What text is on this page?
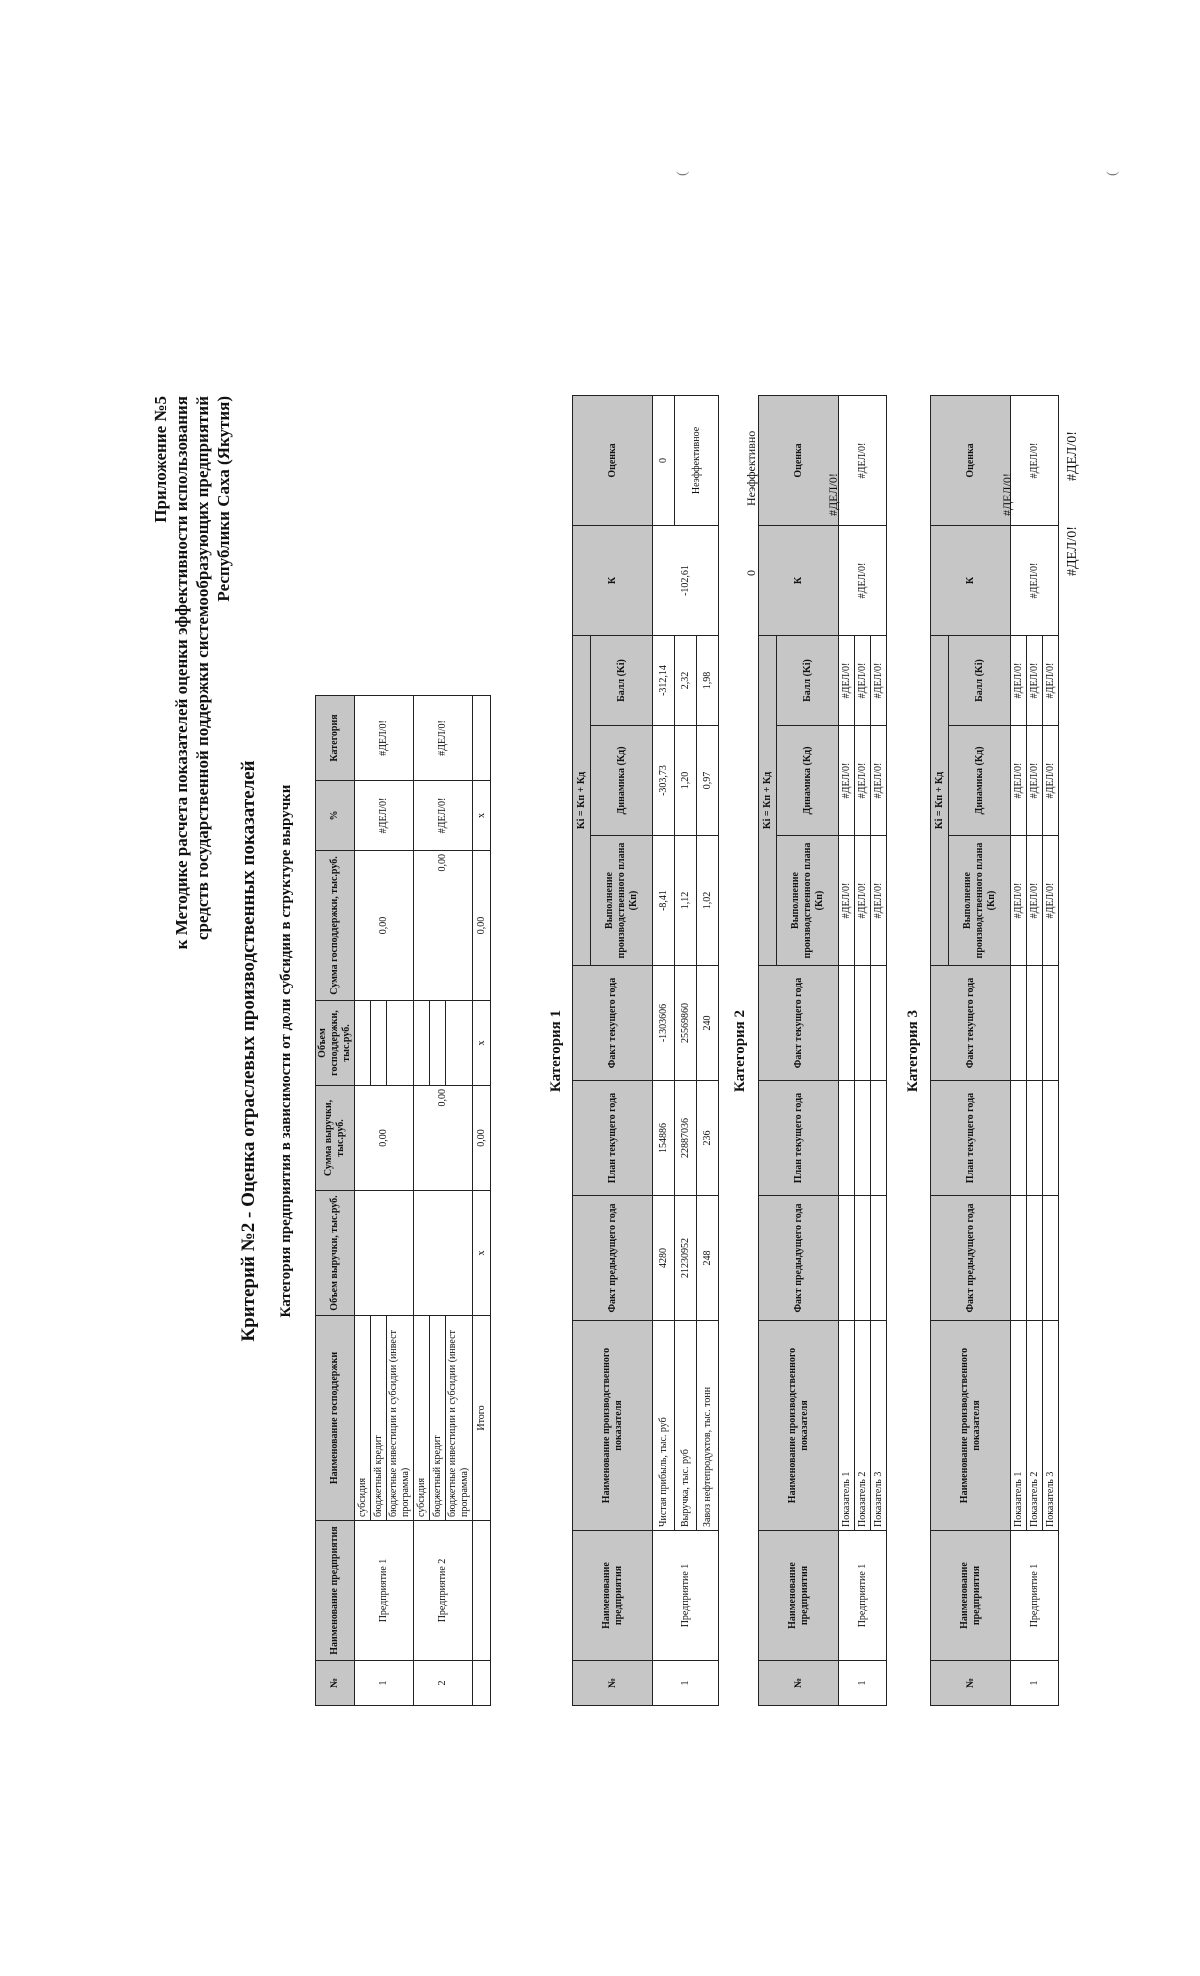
(
(
Приложение №5 к Методике расчета показателей оценки эффективности использования средств государственной поддержки системообразующих предприятий Республики Саха (Якутия)
Критерий №2 - Оценка отраслевых производственных показателей Категория предприятия в зависимости от доли субсидии в структуре выручки
№	Наименование предприятия	Наименование господдержки	Объем выручки, тыс.руб.	Сумма выручки, тыс.руб.	Объем господдержки, тыс.руб.	Сумма господдержки, тыс.руб.	%	Категория
1	Предприятие 1	субсидия		0,00		0,00	#ДЕЛ/0!	#ДЕЛ/0!
		бюджетный кредит						
		бюджетные инвестиции и субсидии (инвест программа)						
2	Предприятие 2	субсидия		0,00		0,00	#ДЕЛ/0!	#ДЕЛ/0!
		бюджетный кредит						
		бюджетные инвестиции и субсидии (инвест программа)						
		Итого	х	0,00	х	0,00	х	
Категория 1
№	Наименование предприятия	Наименование производственного показателя	Факт предыдущего года	План текущего года	Факт текущего года	Ki = Кп + Кд			К	Оценка
						Выполнение производственного плана (Кп)	Динамика (Кд)	Балл (Ki)		
1	Предприятие 1	Чистая прибыль, тыс. руб	4280	154886	-1303606	-8,41	-303,73	-312,14	-102,61	0
		Выручка, тыс. руб	21230952	22887036	25569860	1,12	1,20	2,32		Неэффективное
		Завоз нефтепродуктов, тыс. тонн	248	236	240	1,02	0,97	1,98		
0
Неэффективно
Категория 2
№	Наименование предприятия	Наименование производственного показателя	Факт предыдущего года	План текущего года	Факт текущего года	Ki = Кп + Кд			К	Оценка
						Выполнение производственного плана (Кп)	Динамика (Кд)	Балл (Ki)		
1	Предприятие 1	Показатель 1				#ДЕЛ/0!	#ДЕЛ/0!	#ДЕЛ/0!	#ДЕЛ/0!	#ДЕЛ/0!
		Показатель 2				#ДЕЛ/0!	#ДЕЛ/0!	#ДЕЛ/0!		
		Показатель 3				#ДЕЛ/0!	#ДЕЛ/0!	#ДЕЛ/0!		
#ДЕЛ/0!
Категория 3
№	Наименование предприятия	Наименование производственного показателя	Факт предыдущего года	План текущего года	Факт текущего года	Ki = Кп + Кд			К	Оценка
						Выполнение производственного плана (Кп)	Динамика (Кд)	Балл (Ki)		
1	Предприятие 1	Показатель 1				#ДЕЛ/0!	#ДЕЛ/0!	#ДЕЛ/0!	#ДЕЛ/0!	#ДЕЛ/0!
		Показатель 2				#ДЕЛ/0!	#ДЕЛ/0!	#ДЕЛ/0!		
		Показатель 3				#ДЕЛ/0!	#ДЕЛ/0!	#ДЕЛ/0!		
#ДЕЛ/0!
#ДЕЛ/0!
#ДЕЛ/0!
